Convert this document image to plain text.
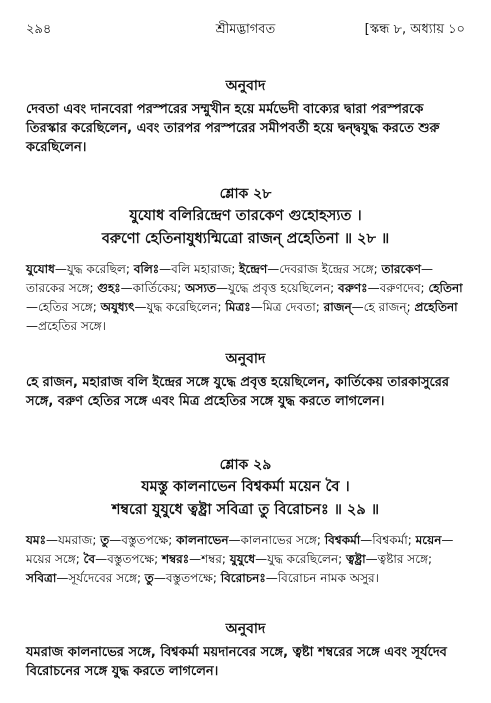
২৯৪	শ্রীমদ্ভাগবত	[স্কন্ধ ৮, অধ্যায় ১০
অনুবাদ

দেবতা এবং দানবেরা পরস্পরের সম্মুখীন হয়ে মর্মভেদী বাক্যের দ্বারা পরস্পরকে তিরস্কার করেছিলেন, এবং তারপর পরস্পরের সমীপবর্তী হয়ে দ্বন্দ্বযুদ্ধ করতে শুরু করেছিলেন।

শ্লোক ২৮
যুযোধ বলিরিন্দ্রেণ তারকেণ গুহোহস্যত ।
বরুণো হেতিনাযুধ্যন্মিত্রো রাজন্ প্রহেতিনা ॥ ২৮ ॥

যুযোধ—যুদ্ধ করেছিল; বলিঃ—বলি মহারাজ; ইন্দ্রেণ—দেবরাজ ইন্দ্রের সঙ্গে; তারকেণ—তারকের সঙ্গে; গুহঃ—কার্তিকেয়; অস্যত—যুদ্ধে প্রবৃত্ত হয়েছিলেন; বরুণঃ—বরুণদেব; হেতিনা—হেতির সঙ্গে; অযুধ্যৎ—যুদ্ধ করেছিলেন; মিত্রঃ—মিত্র দেবতা; রাজন্—হে রাজন্; প্রহেতিনা—প্রহেতির সঙ্গে।

অনুবাদ

হে রাজন, মহারাজ বলি ইন্দ্রের সঙ্গে যুদ্ধে প্রবৃত্ত হয়েছিলেন, কার্তিকেয় তারকাসুরের সঙ্গে, বরুণ হেতির সঙ্গে এবং মিত্র প্রহেতির সঙ্গে যুদ্ধ করতে লাগলেন।

শ্লোক ২৯
যমস্তু কালনাভেন বিশ্বকর্মা ময়েন বৈ ।
শম্বরো যুযুধে ত্বষ্ট্রা সবিত্রা তু বিরোচনঃ ॥ ২৯ ॥

যমঃ—যমরাজ; তু—বস্তুতপক্ষে; কালনাভেন—কালনাভের সঙ্গে; বিশ্বকর্মা—বিশ্বকর্মা; ময়েন—ময়ের সঙ্গে; বৈ—বস্তুতপক্ষে; শম্বরঃ—শম্বর; যুযুধে—যুদ্ধ করেছিলেন; ত্বষ্ট্রা—ত্বষ্টার সঙ্গে; সবিত্রা—সূর্যদেবের সঙ্গে; তু—বস্তুতপক্ষে; বিরোচনঃ—বিরোচন নামক অসুর।

অনুবাদ

যমরাজ কালনাভের সঙ্গে, বিশ্বকর্মা ময়দানবের সঙ্গে, ত্বষ্টা শম্বরের সঙ্গে এবং সূর্যদেব বিরোচনের সঙ্গে যুদ্ধ করতে লাগলেন।
